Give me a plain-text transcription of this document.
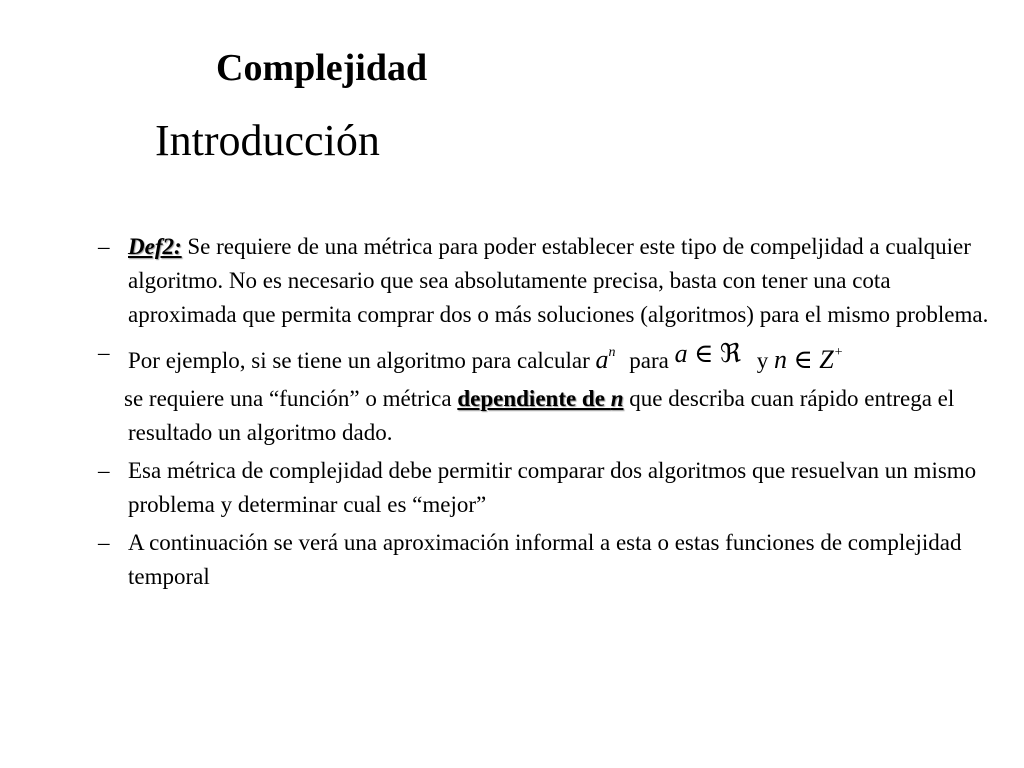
Complejidad
Introducción
– Def2: Se requiere de una métrica para poder establecer este tipo de compeljidad a cualquier algoritmo. No es necesario que sea absolutamente precisa, basta con tener una cota aproximada que permita comprar dos o más soluciones (algoritmos) para el mismo problema.
– Por ejemplo, si se tiene un algoritmo para calcular $a^n$ para a ∈ ℜ y n ∈ Z+
se requiere una “función” o métrica dependiente de n que describa cuan rápido entrega el resultado un algoritmo dado.
– Esa métrica de complejidad debe permitir comparar dos algoritmos que resuelvan un mismo problema y determinar cual es “mejor”
– A continuación se verá una aproximación informal a esta o estas funciones de complejidad temporal
